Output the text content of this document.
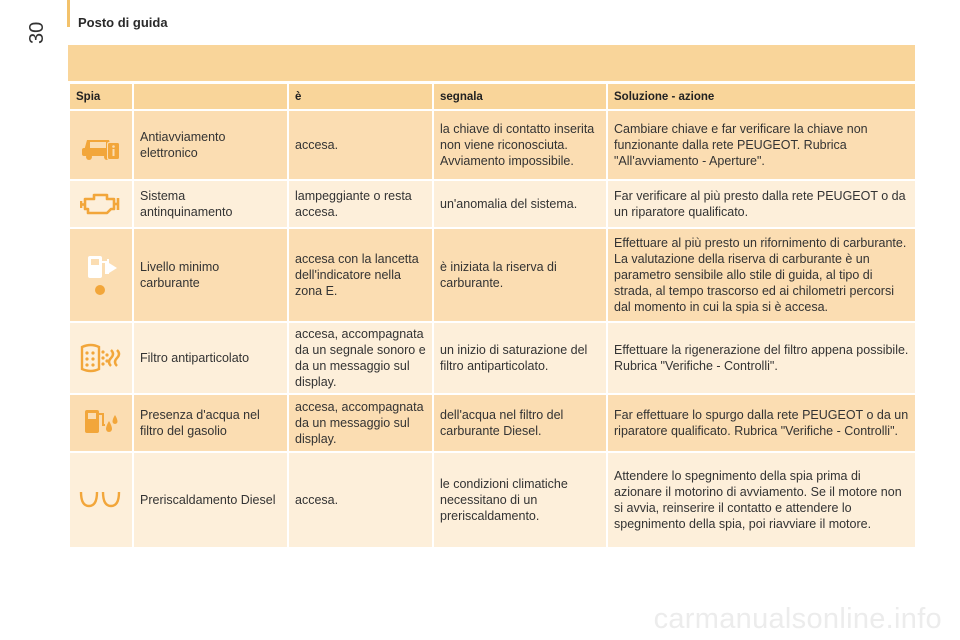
Posto di guida
30
Spia		è	segnala	Soluzione - azione

	Antiavviamento elettronico	accesa.	la chiave di contatto inserita non viene riconosciuta. Avviamento impossibile.	Cambiare chiave e far verificare la chiave non funzionante dalla rete PEUGEOT. Rubrica "All'avviamento - Aperture".

	Sistema antinquinamento	lampeggiante o resta accesa.	un'anomalia del sistema.	Far verificare al più presto dalla rete PEUGEOT o da un riparatore qualificato.

	Livello minimo carburante	accesa con la lancetta dell'indicatore nella zona E.	è iniziata la riserva di carburante.	Effettuare al più presto un rifornimento di carburante. La valutazione della riserva di carburante è un parametro sensibile allo stile di guida, al tipo di strada, al tempo trascorso ed ai chilometri percorsi dal momento in cui la spia si è accesa.

	Filtro antiparticolato	accesa, accompagnata da un segnale sonoro e da un messaggio sul display.	un inizio di saturazione del filtro antiparticolato.	Effettuare la rigenerazione del filtro appena possibile. Rubrica "Verifiche - Controlli".

	Presenza d'acqua nel filtro del gasolio	accesa, accompagnata da un messaggio sul display.	dell'acqua nel filtro del carburante Diesel.	Far effettuare lo spurgo dalla rete PEUGEOT o da un riparatore qualificato. Rubrica "Verifiche - Controlli".

	Preriscaldamento Diesel	accesa.	le condizioni climatiche necessitano di un preriscaldamento.	Attendere lo spegnimento della spia prima di azionare il motorino di avviamento. Se il motore non si avvia, reinserire il contatto e attendere lo spegnimento della spia, poi riavviare il motore.
carmanualsonline.info
